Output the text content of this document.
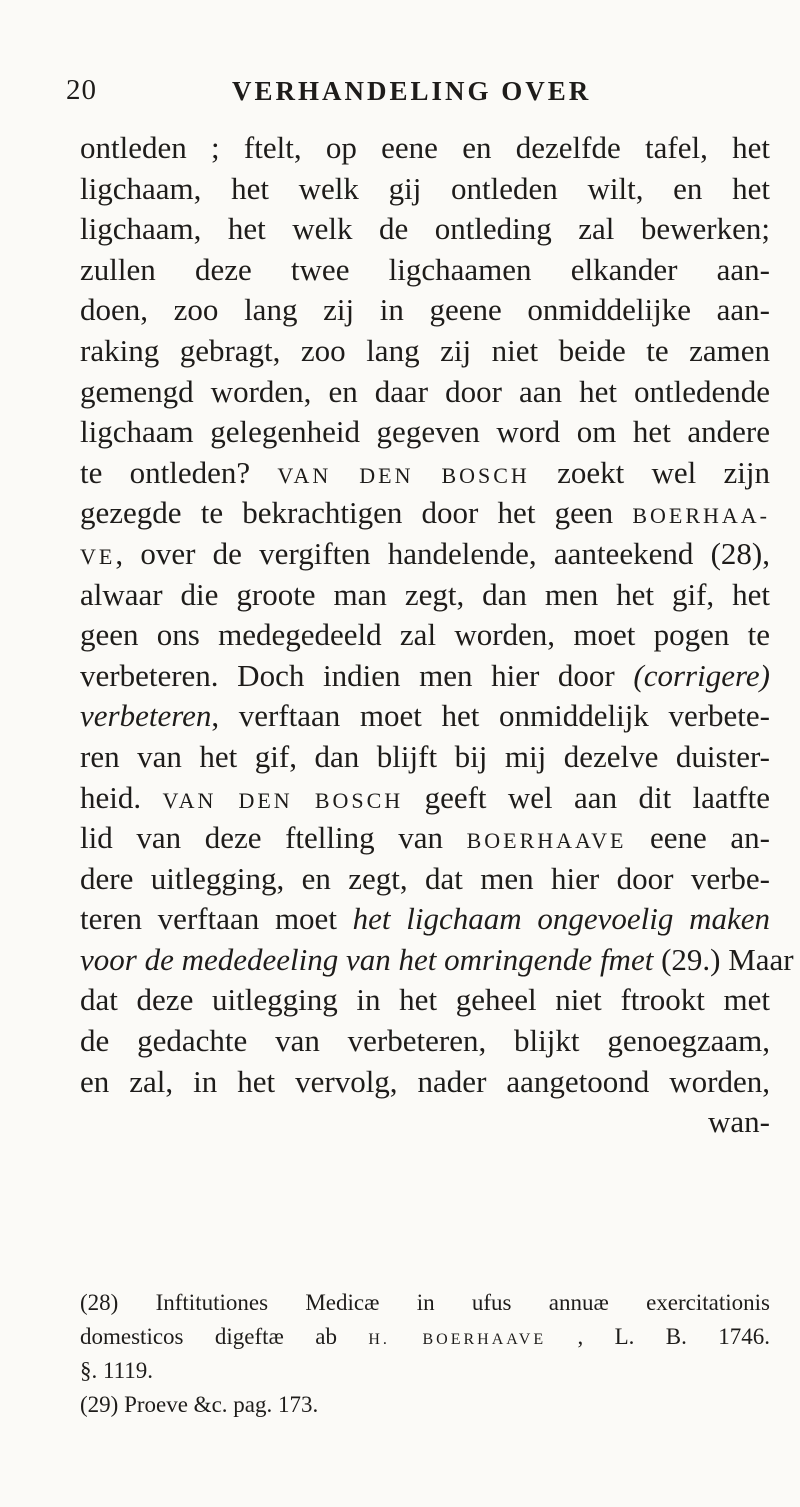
20	VERHANDELING OVER
ontleden ; ftelt, op eene en dezelfde tafel, het
ligchaam, het welk gij ontleden wilt, en het
ligchaam, het welk de ontleding zal bewerken;
zullen deze twee ligchaamen elkander aan-
doen, zoo lang zij in geene onmiddelijke aan-
raking gebragt, zoo lang zij niet beide te zamen
gemengd worden, en daar door aan het ontledende
ligchaam gelegenheid gegeven word om het andere
te ontleden? VAN DEN BOSCH zoekt wel zijn
gezegde te bekrachtigen door het geen BOERHAA-
VE, over de vergiften handelende, aanteekend (28),
alwaar die groote man zegt, dan men het gif, het
geen ons medegedeeld zal worden, moet pogen te
verbeteren. Doch indien men hier door (corrigere)
verbeteren, verftaan moet het onmiddelijk verbete-
ren van het gif, dan blijft bij mij dezelve duister-
heid. VAN DEN BOSCH geeft wel aan dit laatfte
lid van deze ftelling van BOERHAAVE eene an-
dere uitlegging, en zegt, dat men hier door verbe-
teren verftaan moet het ligchaam ongevoelig maken
voor de mededeeling van het omringende fmet (29.) Maar
dat deze uitlegging in het geheel niet ftrookt met
de gedachte van verbeteren, blijkt genoegzaam,
en zal, in het vervolg, nader aangetoond worden,
wan-
(28) Inftitutiones Medicæ in ufus annuæ exercitationis
domesticos digeftæ ab H. BOERHAAVE , L. B. 1746.
§. 1119.
(29) Proeve &c. pag. 173.
